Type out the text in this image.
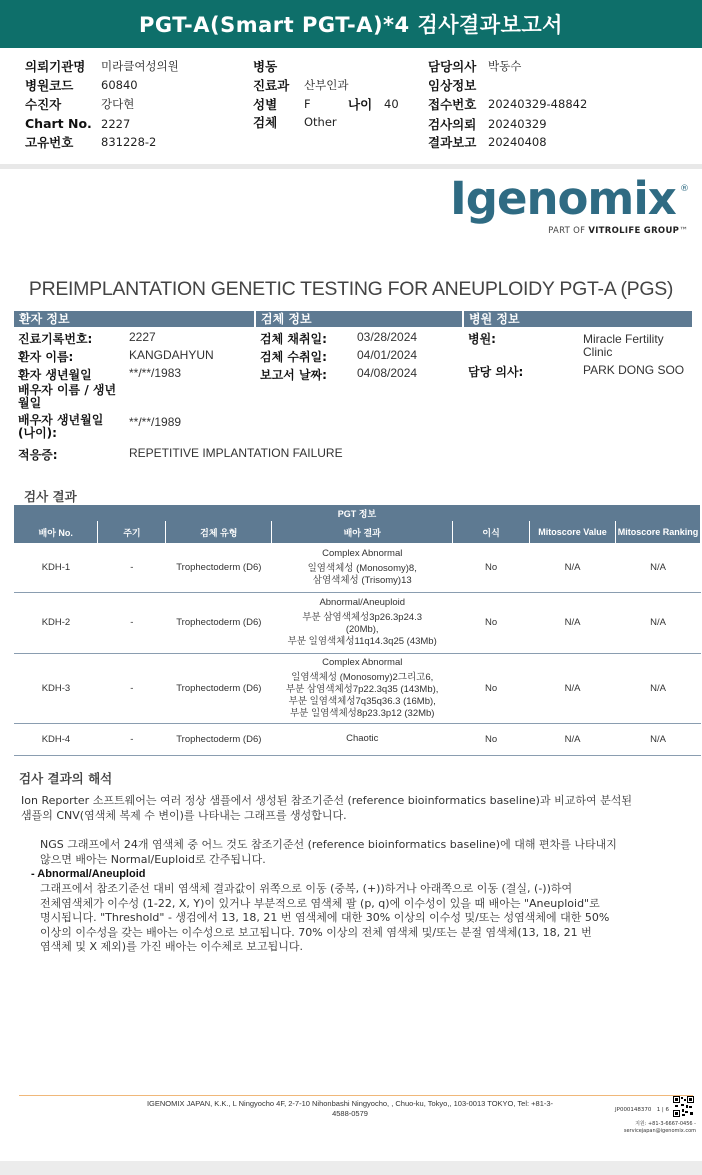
PGT-A(Smart PGT-A)*4 검사결과보고서
의뢰기관명 미라클여성의원
병원코드 60840
수진자	강다현
Chart No. 2227
고유번호 831228-2
병동
진료과 산부인과
성별 F	나이 40
검체 Other
담당의사 박동수
임상정보
접수번호 20240329-48842
검사의뢰 20240329
결과보고 20240408
Igenomix ®
PART OF VITROLIFE GROUP™
PREIMPLANTATION GENETIC TESTING FOR ANEUPLOIDY PGT-A (PGS)
환자 정보	검체 정보	병원 정보
진료기록번호:	2227
환자 이름:	KANGDAHYUN
환자 생년월일	**/**/1983
배우자 이름 / 생년월일
배우자 생년월일 (나이):
**/**/1989
적응증:	REPETITIVE IMPLANTATION FAILURE
검체 채취일:	03/28/2024
검체 수취일:	04/01/2024
보고서 날짜:	04/08/2024
병원:	Miracle Fertility
Clinic
담당 의사:	PARK DONG SOO
검사 결과
PGT 정보						
배아 No.	주기	검체 유형	배아 결과	이식	Mitoscore Value	Mitoscore Ranking
KDH-1	-	Trophectoderm (D6)	Complex Abnormal
일염색체성 (Monosomy)8,
삼염색체성 (Trisomy)13	No	N/A	N/A
KDH-2	-	Trophectoderm (D6)	Abnormal/Aneuploid
부분 삼염색체성3p26.3p24.3
(20Mb),
부분 일염색체성11q14.3q25 (43Mb)	No	N/A	N/A
KDH-3	-	Trophectoderm (D6)	Complex Abnormal
일염색체성 (Monosomy)2그리고6,
부분 삼염색체성7p22.3q35 (143Mb),
부분 일염색체성7q35q36.3 (16Mb),
부분 일염색체성8p23.3p12 (32Mb)	No	N/A	N/A
KDH-4	-	Trophectoderm (D6)	Chaotic	No	N/A	N/A
검사 결과의 해석
Ion Reporter 소프트웨어는 여러 정상 샘플에서 생성된 참조기준선 (reference bioinformatics baseline)과 비교하여 분석된
샘플의 CNV(염색체 복제 수 변이)를 나타내는 그래프를 생성합니다.
NGS 그래프에서 24개 염색체 중 어느 것도 참조기준선 (reference bioinformatics baseline)에 대해 편차를 나타내지
않으면 배아는 Normal/Euploid로 간주됩니다.
- Abnormal/Aneuploid
그래프에서 참조기준선 대비 염색체 결과값이 위쪽으로 이동 (중복, (+))하거나 아래쪽으로 이동 (결실, (-))하여
전체염색체가 이수성 (1-22, X, Y)이 있거나 부분적으로 염색체 팔 (p, q)에 이수성이 있을 때 배아는 "Aneuploid"로
명시됩니다. "Threshold" - 생검에서 13, 18, 21 번 염색체에 대한 30% 이상의 이수성 및/또는 성염색체에 대한 50%
이상의 이수성을 갖는 배아는 이수성으로 보고됩니다. 70% 이상의 전체 염색체 및/또는 분절 염색체(13, 18, 21 번
염색체 및 X 제외)를 가진 배아는 이수체로 보고됩니다.
IGENOMIX JAPAN, K.K., L Ningyocho 4F, 2-7-10 Nihonbashi Ningyocho, , Chuo-ku, Tokyo,, 103-0013 TOKYO, Tel: +81-3-
4588-0579	JP000148370 1 | 6
지원: +81-3-6667-0456 -
servicejapan@igenomix.com
